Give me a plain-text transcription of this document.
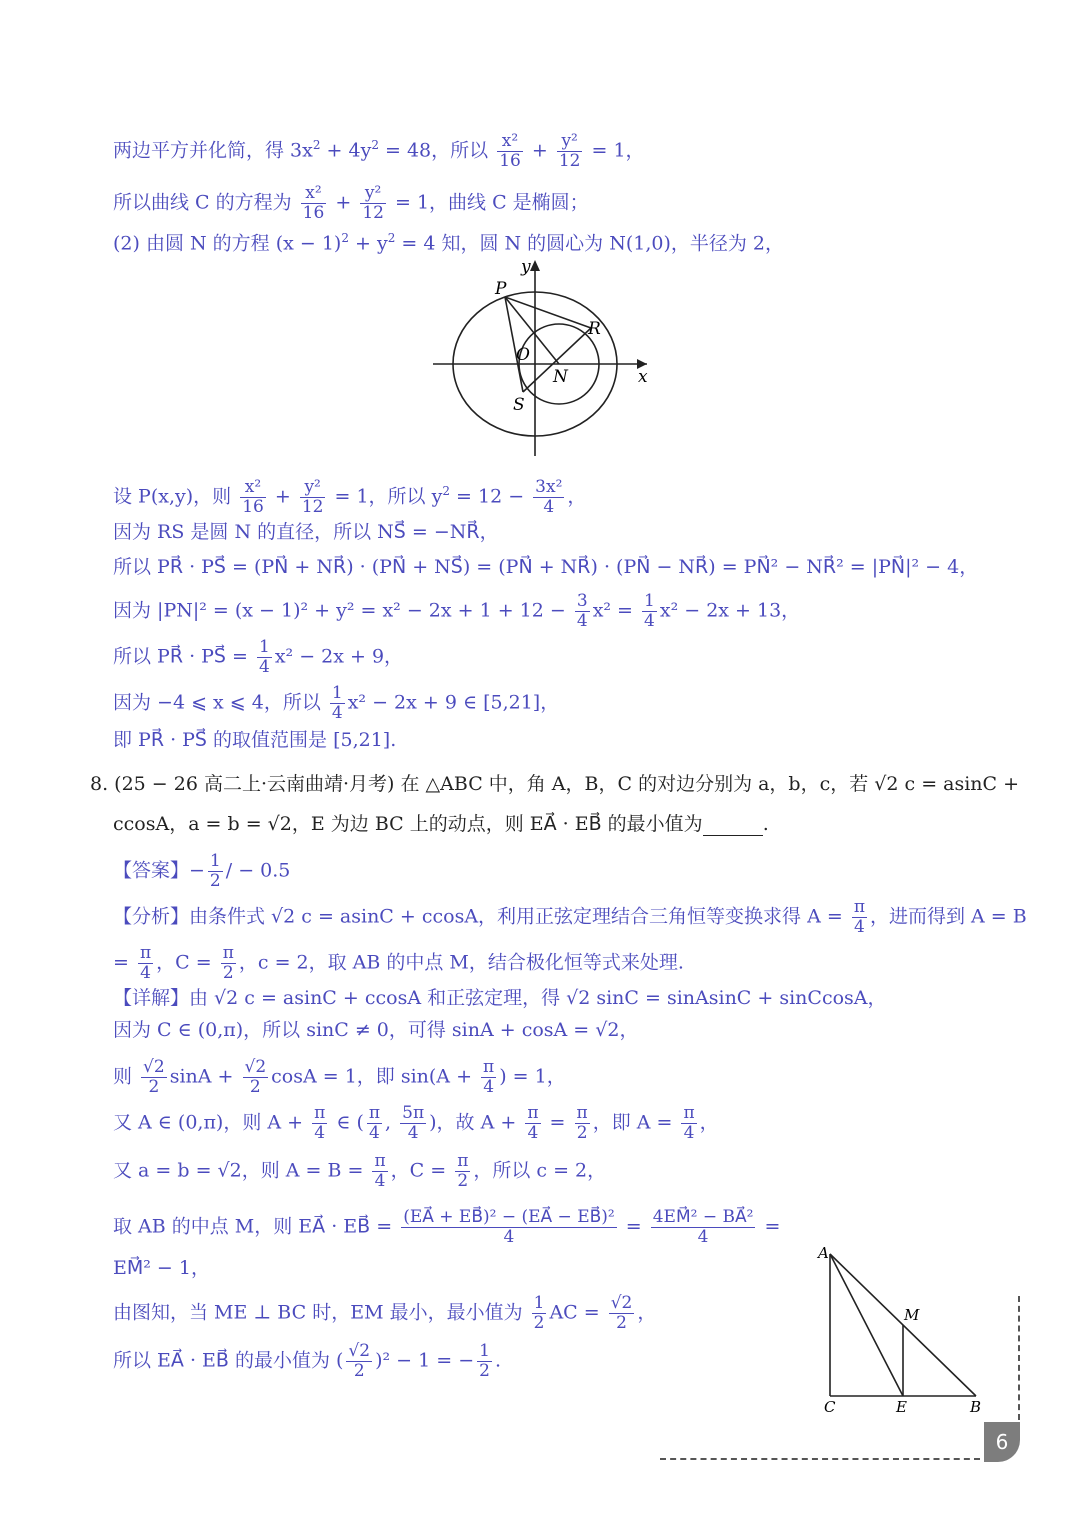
两边平方并化简，得 $3x^2 + 4y^2 = 48$，所以 $\frac{\text{x²}}{16} + \frac{\text{y²}}{12} = 1$，
所以曲线 C 的方程为 $\frac{\text{x²}}{16} + \frac{\text{y²}}{12} = 1$，曲线 C 是椭圆；
(2) 由圆 N 的方程 $(x - 1)^2 + y^2 = 4$ 知，圆 N 的圆心为 N(1,0)，半径为 2，
设 P(x,y)，则 $\frac{\text{x²}}{16} + \frac{\text{y²}}{12} = 1$，所以 $y^2 = 12 - \frac{\text{3x²}}{4}$ ，
因为 RS 是圆 N 的直径，所以 NS⃗ = −NR⃗，
所以 PR⃗ · PS⃗ = (PN⃗ + NR⃗) · (PN⃗ + NS⃗) = (PN⃗ + NR⃗) · (PN⃗ − NR⃗) = PN⃗² − NR⃗² = |PN⃗|² − 4，
因为 $|PN|^2 = (x - 1)^2 + y^2 = x^2 - 2x + 1 + 12 - \frac{3}{4} x^2 = \frac{1}{4} x^2 - 2x + 13$，
所以 PR⃗ · PS⃗ = $\frac{1}{4} x^2 - 2x + 9$，
因为 −4 ⩽ x ⩽ 4，所以 $\frac{1}{4} x^2 - 2x + 9$ ∈ [5,21]，
即 PR⃗ · PS⃗ 的取值范围是 [5,21].
8. (25 − 26 高二上·云南曲靖·月考) 在 △ABC 中，角 A，B，C 的对边分别为 a，b，c，若 √2 c = asinC +
ccosA，a = b = √2，E 为边 BC 上的动点，则 EA⃗ · EB⃗ 的最小值为	.
【答案】− $\frac{1}{2}$ / − 0.5
【分析】由条件式 √2 c = asinC + ccosA，利用正弦定理结合三角恒等变换求得 $A = \frac{\pi}{4}$ ，进而得到 A = B
= $\frac{\pi}{4}$ ，$C = \frac{\pi}{2}$ ，c = 2，取 AB 的中点 M，结合极化恒等式来处理.
【详解】由 √2 c = asinC + ccosA 和正弦定理，得 √2 sinC = sinAsinC + sinCcosA，
因为 C ∈ (0,π)，所以 sinC ≠ 0，可得 sinA + cosA = √2，
则 $\frac{√2}{2}$ $\sin A + \frac{√2}{2}$ cosA = 1，即 $\sin(A + \frac{\pi}{4}$ ) = 1，
又 A ∈ (0,π)，则 $A + \frac{\pi}{4}$ ∈ ( $\frac{\pi}{4}$ , $\frac{5\pi}{4}$ )，故 $A + \frac{\pi}{4} = \frac{\pi}{2}$ ，即 $A = \frac{\pi}{4}$ ，
又 a = b = √2，则 $A = B = \frac{\pi}{4}$ ，$C = \frac{\pi}{2}$ ，所以 c = 2，
取 AB 的中点 M，则 EA⃗ · EB⃗ = $\frac{\text{(EA⃗ + EB⃗)² − (EA⃗ − EB⃗)²}}{4} = \frac{\text{4EM⃗² − BA⃗²}}{4}$ =
EM⃗² − 1，
由图知，当 ME ⊥ BC 时，EM 最小，最小值为 $\frac{1}{2}$ AC = $\frac{√2}{2}$ ，
所以 EA⃗ · EB⃗ 的最小值为 ( $\frac{√2}{2} )^2 - 1$ = − $\frac{1}{2}$ .
y
P
R
O
N	x
S
A
M
C	E	B
6
